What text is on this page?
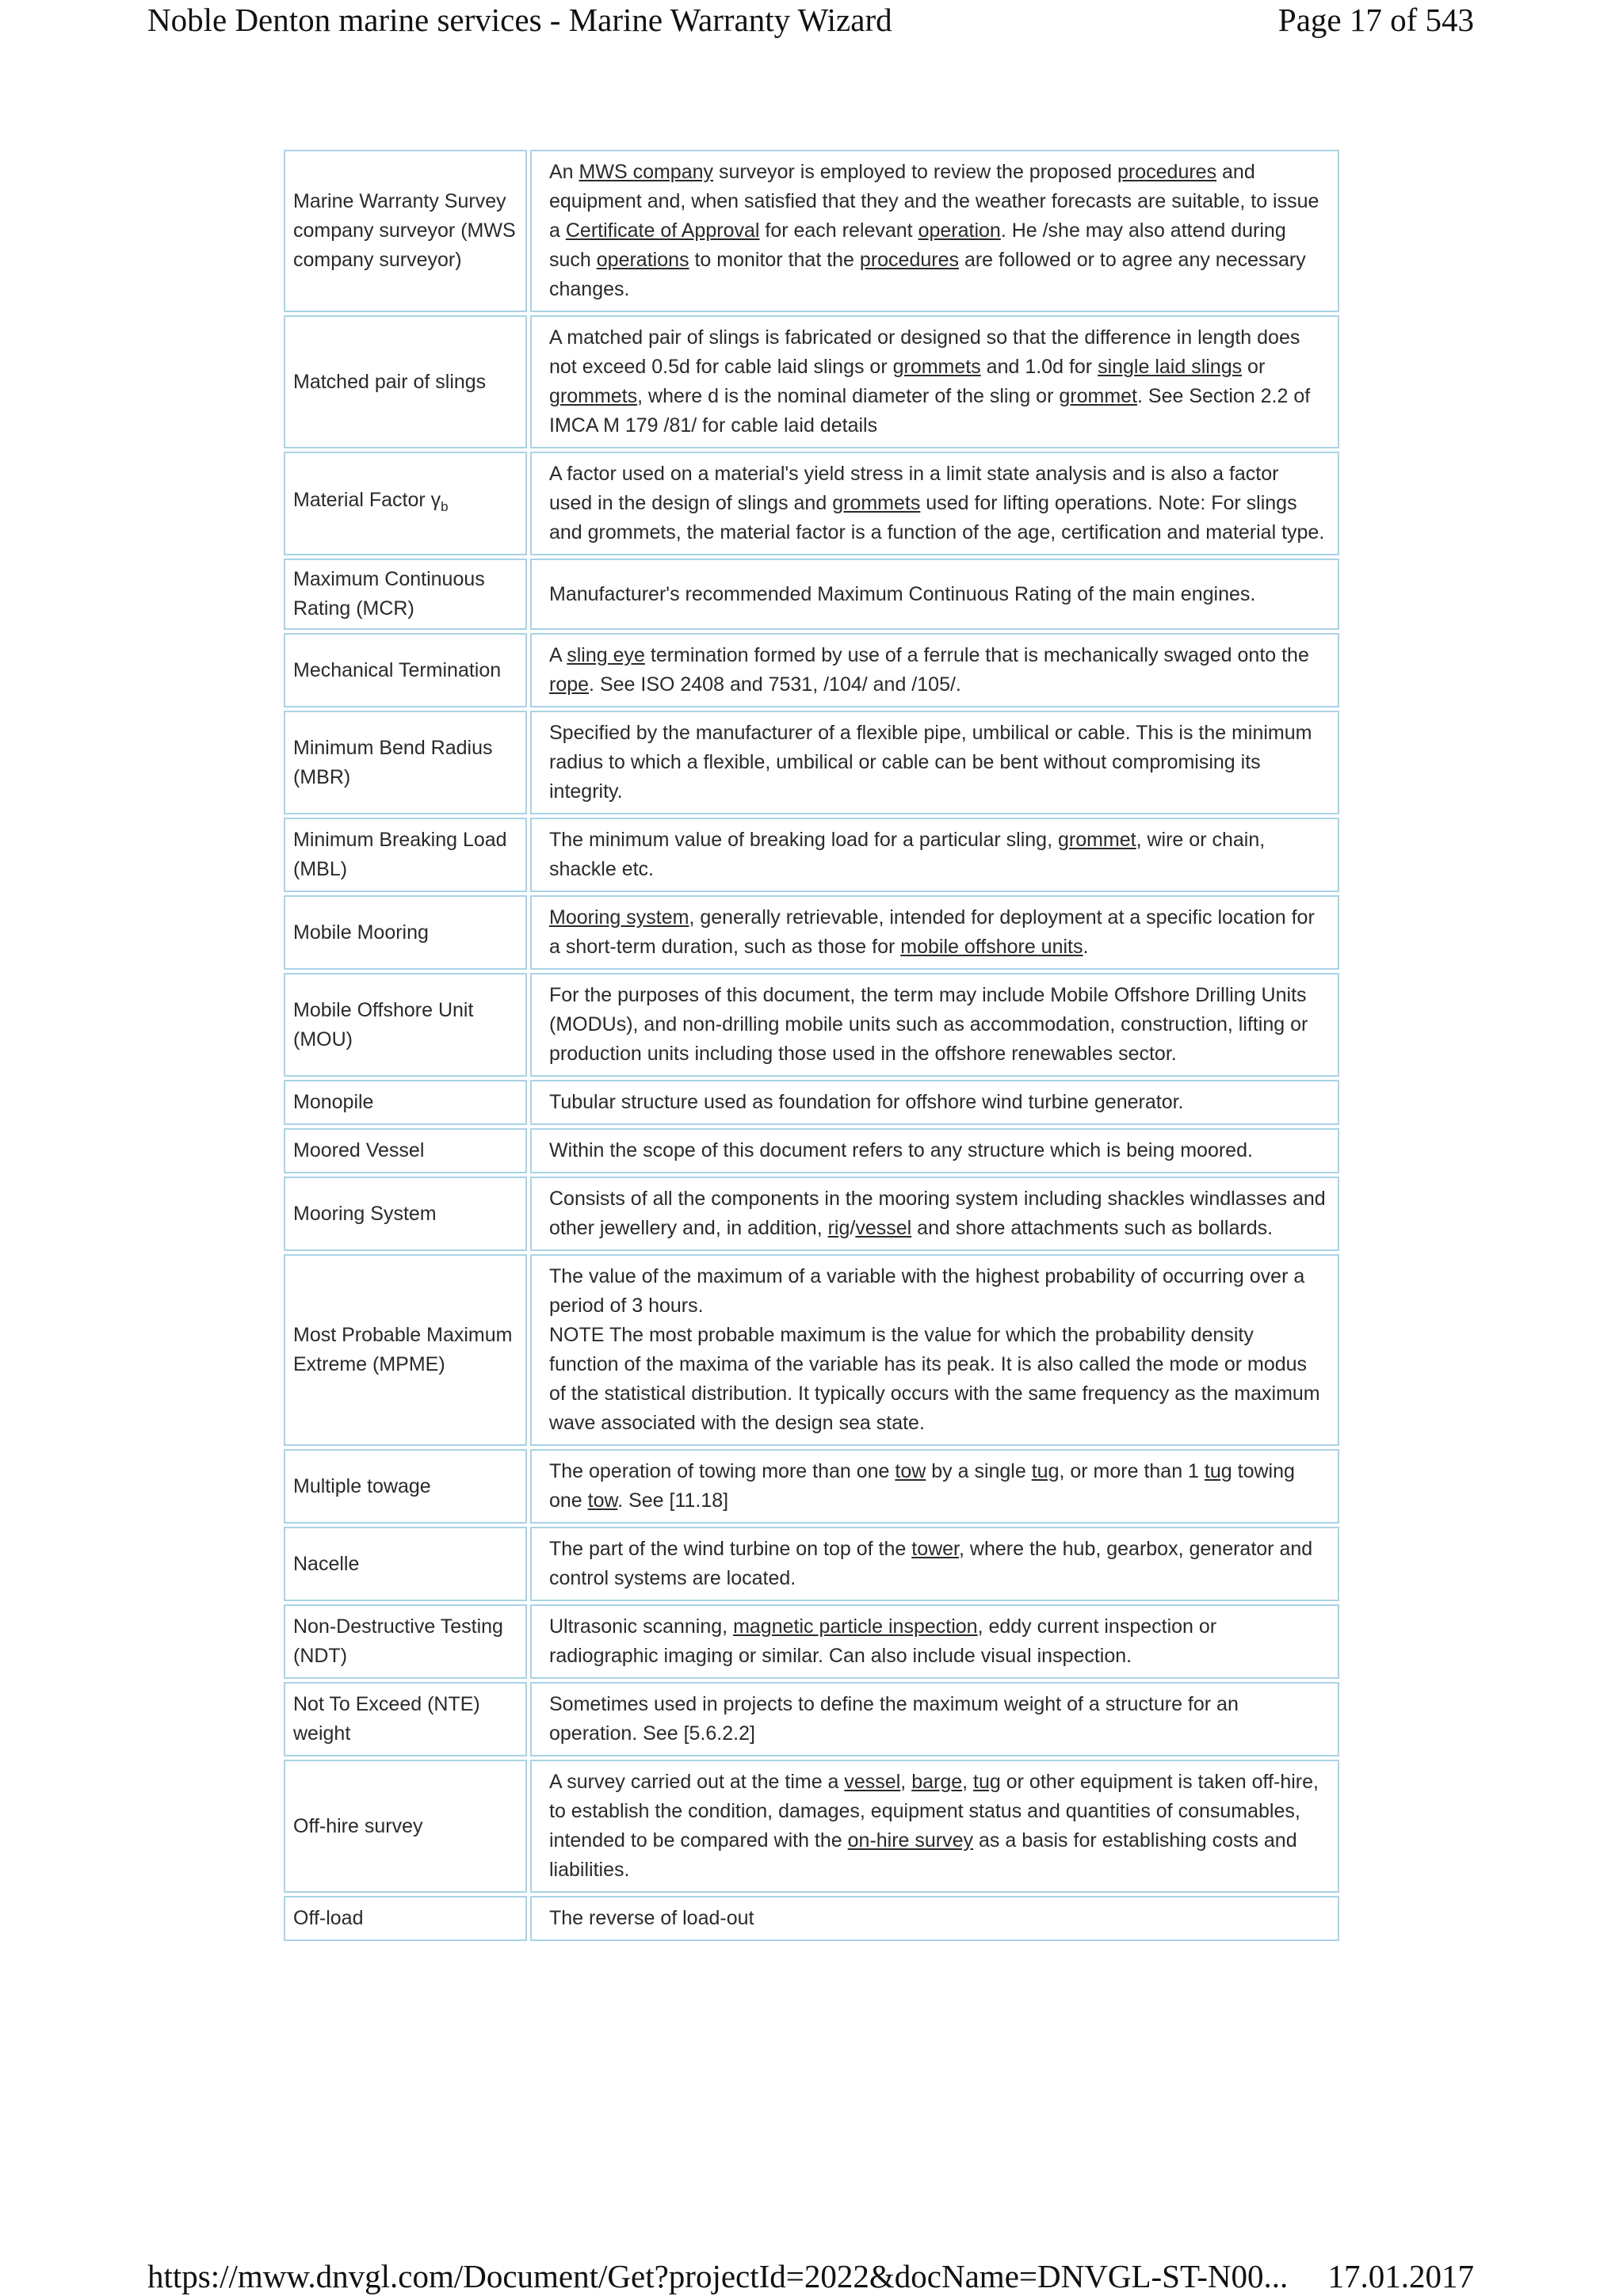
Noble Denton marine services - Marine Warranty Wizard	Page 17 of 543
Marine Warranty Survey company surveyor (MWS company surveyor)	An MWS company surveyor is employed to review the proposed procedures and equipment and, when satisfied that they and the weather forecasts are suitable, to issue a Certificate of Approval for each relevant operation. He /she may also attend during such operations to monitor that the procedures are followed or to agree any necessary changes.
Matched pair of slings	A matched pair of slings is fabricated or designed so that the difference in length does not exceed 0.5d for cable laid slings or grommets and 1.0d for single laid slings or grommets, where d is the nominal diameter of the sling or grommet. See Section 2.2 of IMCA M 179 /81/ for cable laid details
Material Factor $\gamma_b$	A factor used on a material's yield stress in a limit state analysis and is also a factor used in the design of slings and grommets used for lifting operations. Note: For slings and grommets, the material factor is a function of the age, certification and material type.
Maximum Continuous Rating (MCR)	Manufacturer's recommended Maximum Continuous Rating of the main engines.
Mechanical Termination	A sling eye termination formed by use of a ferrule that is mechanically swaged onto the rope. See ISO 2408 and 7531, /104/ and /105/.
Minimum Bend Radius (MBR)	Specified by the manufacturer of a flexible pipe, umbilical or cable. This is the minimum radius to which a flexible, umbilical or cable can be bent without compromising its integrity.
Minimum Breaking Load (MBL)	The minimum value of breaking load for a particular sling, grommet, wire or chain, shackle etc.
Mobile Mooring	Mooring system, generally retrievable, intended for deployment at a specific location for a short-term duration, such as those for mobile offshore units.
Mobile Offshore Unit (MOU)	For the purposes of this document, the term may include Mobile Offshore Drilling Units (MODUs), and non-drilling mobile units such as accommodation, construction, lifting or production units including those used in the offshore renewables sector.
Monopile	Tubular structure used as foundation for offshore wind turbine generator.
Moored Vessel	Within the scope of this document refers to any structure which is being moored.
Mooring System	Consists of all the components in the mooring system including shackles windlasses and other jewellery and, in addition, rig/vessel and shore attachments such as bollards.
Most Probable Maximum Extreme (MPME)	The value of the maximum of a variable with the highest probability of occurring over a period of 3 hours.
NOTE The most probable maximum is the value for which the probability density function of the maxima of the variable has its peak. It is also called the mode or modus of the statistical distribution. It typically occurs with the same frequency as the maximum wave associated with the design sea state.
Multiple towage	The operation of towing more than one tow by a single tug, or more than 1 tug towing one tow. See [11.18]
Nacelle	The part of the wind turbine on top of the tower, where the hub, gearbox, generator and control systems are located.
Non-Destructive Testing (NDT)	Ultrasonic scanning, magnetic particle inspection, eddy current inspection or radiographic imaging or similar. Can also include visual inspection.
Not To Exceed (NTE) weight	Sometimes used in projects to define the maximum weight of a structure for an operation. See [5.6.2.2]
Off-hire survey	A survey carried out at the time a vessel, barge, tug or other equipment is taken off-hire, to establish the condition, damages, equipment status and quantities of consumables, intended to be compared with the on-hire survey as a basis for establishing costs and liabilities.
Off-load	The reverse of load-out
https://mww.dnvgl.com/Document/Get?projectId=2022&docName=DNVGL-ST-N00... 17.01.2017
